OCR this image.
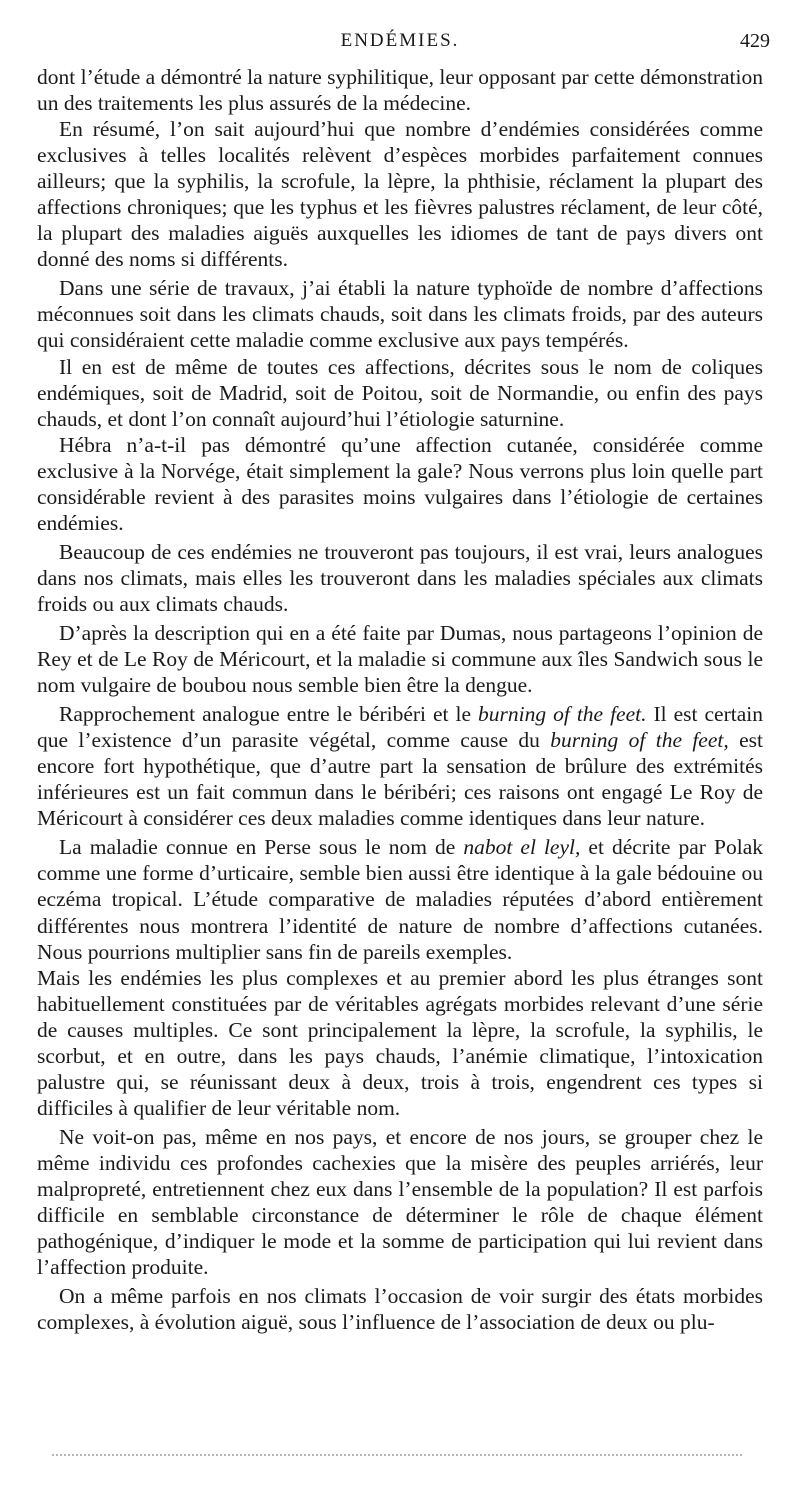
ENDÉMIES.	429

dont l’étude a démontré la nature syphilitique, leur opposant par cette démonstration un des traitements les plus assurés de la médecine.

En résumé, l’on sait aujourd’hui que nombre d’endémies considérées comme exclusives à telles localités relèvent d’espèces morbides parfaitement connues ailleurs; que la syphilis, la scrofule, la lèpre, la phthisie, réclament la plupart des affections chroniques; que les typhus et les fièvres palustres réclament, de leur côté, la plupart des maladies aiguës auxquelles les idiomes de tant de pays divers ont donné des noms si différents.

Dans une série de travaux, j’ai établi la nature typhoïde de nombre d’affections méconnues soit dans les climats chauds, soit dans les climats froids, par des auteurs qui considéraient cette maladie comme exclusive aux pays tempérés.

Il en est de même de toutes ces affections, décrites sous le nom de coliques endémiques, soit de Madrid, soit de Poitou, soit de Normandie, ou enfin des pays chauds, et dont l’on connaît aujourd’hui l’étiologie saturnine.

Hébra n’a-t-il pas démontré qu’une affection cutanée, considérée comme exclusive à la Norvége, était simplement la gale? Nous verrons plus loin quelle part considérable revient à des parasites moins vulgaires dans l’étiologie de certaines endémies.

Beaucoup de ces endémies ne trouveront pas toujours, il est vrai, leurs analogues dans nos climats, mais elles les trouveront dans les maladies spéciales aux climats froids ou aux climats chauds.

D’après la description qui en a été faite par Dumas, nous partageons l’opinion de Rey et de Le Roy de Méricourt, et la maladie si commune aux îles Sandwich sous le nom vulgaire de boubou nous semble bien être la dengue.

Rapprochement analogue entre le béribéri et le burning of the feet. Il est certain que l’existence d’un parasite végétal, comme cause du burning of the feet, est encore fort hypothétique, que d’autre part la sensation de brûlure des extrémités inférieures est un fait commun dans le béribéri; ces raisons ont engagé Le Roy de Méricourt à considérer ces deux maladies comme identiques dans leur nature.

La maladie connue en Perse sous le nom de nabot el leyl, et décrite par Polak comme une forme d’urticaire, semble bien aussi être identique à la gale bédouine ou eczéma tropical. L’étude comparative de maladies réputées d’abord entièrement différentes nous montrera l’identité de nature de nombre d’affections cutanées. Nous pourrions multiplier sans fin de pareils exemples.

Mais les endémies les plus complexes et au premier abord les plus étranges sont habituellement constituées par de véritables agrégats morbides relevant d’une série de causes multiples. Ce sont principalement la lèpre, la scrofule, la syphilis, le scorbut, et en outre, dans les pays chauds, l’anémie climatique, l’intoxication palustre qui, se réunissant deux à deux, trois à trois, engendrent ces types si difficiles à qualifier de leur véritable nom.

Ne voit-on pas, même en nos pays, et encore de nos jours, se grouper chez le même individu ces profondes cachexies que la misère des peuples arriérés, leur malpropreté, entretiennent chez eux dans l’ensemble de la population? Il est parfois difficile en semblable circonstance de déterminer le rôle de chaque élément pathogénique, d’indiquer le mode et la somme de participation qui lui revient dans l’affection produite.

On a même parfois en nos climats l’occasion de voir surgir des états morbides complexes, à évolution aiguë, sous l’influence de l’association de deux ou plu-
